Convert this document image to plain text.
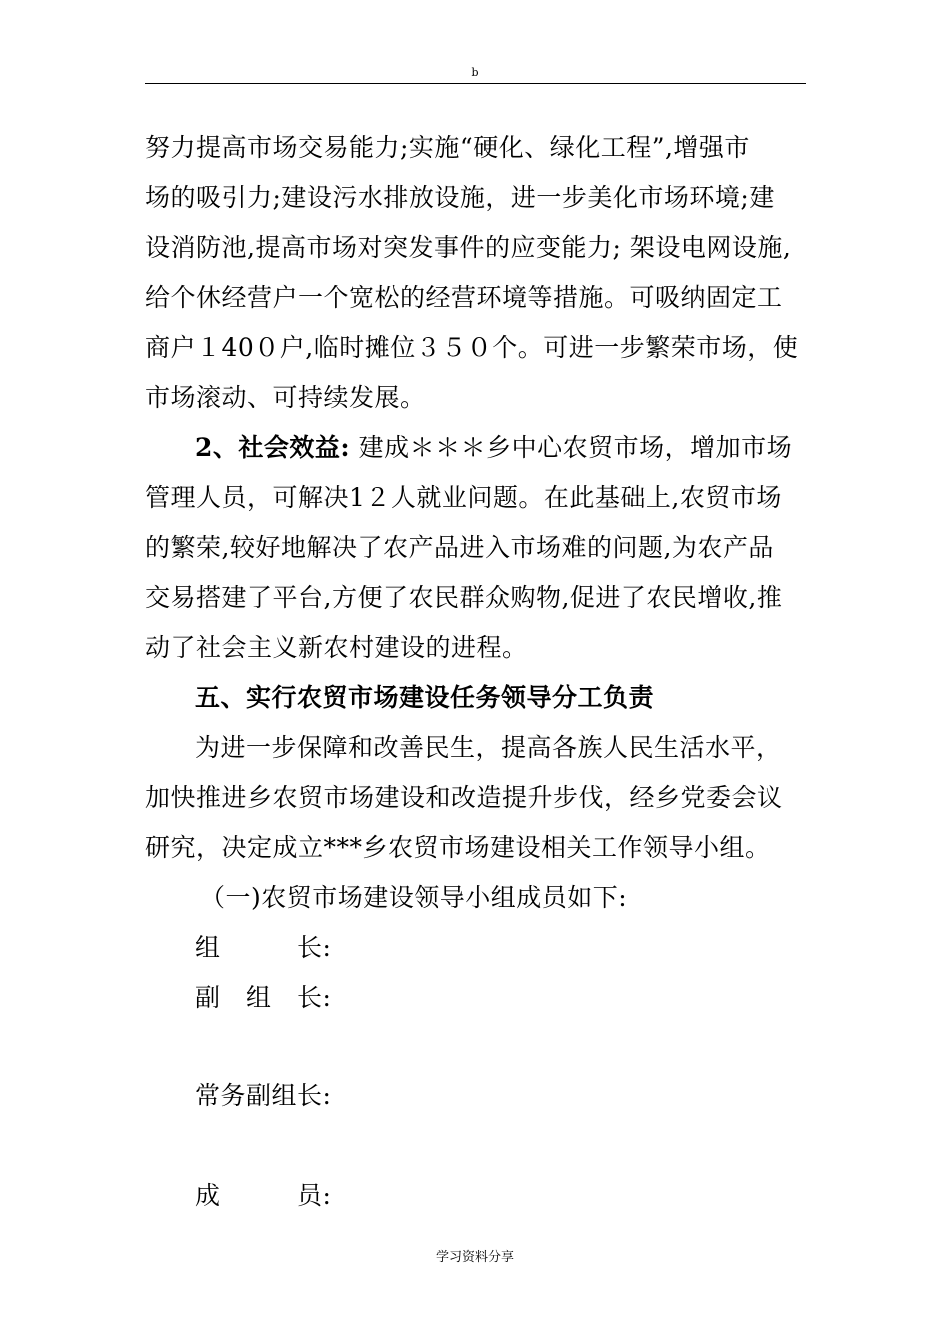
b
努力提高市场交易能力;实施“硬化、绿化工程”,增强市
场的吸引力;建设污水排放设施，进一步美化市场环境;建
设消防池,提高市场对突发事件的应变能力; 架设电网设施,
给个休经营户一个宽松的经营环境等措施。可吸纳固定工
商户１40０户,临时摊位３５０个。可进一步繁荣市场，使
市场滚动、可持续发展。
2、社会效益: 建成＊＊＊乡中心农贸市场，增加市场
管理人员，可解决1２人就业问题。在此基础上,农贸市场
的繁荣,较好地解决了农产品进入市场难的问题,为农产品
交易搭建了平台,方便了农民群众购物,促进了农民增收,推
动了社会主义新农村建设的进程。
五、实行农贸市场建设任务领导分工负责
为进一步保障和改善民生，提高各族人民生活水平，
加快推进乡农贸市场建设和改造提升步伐，经乡党委会议
研究，决定成立***乡农贸市场建设相关工作领导小组。
（一)农贸市场建设领导小组成员如下:
组　　　长:
副　组　长:
常务副组长:
成　　　员:
学习资料分享
